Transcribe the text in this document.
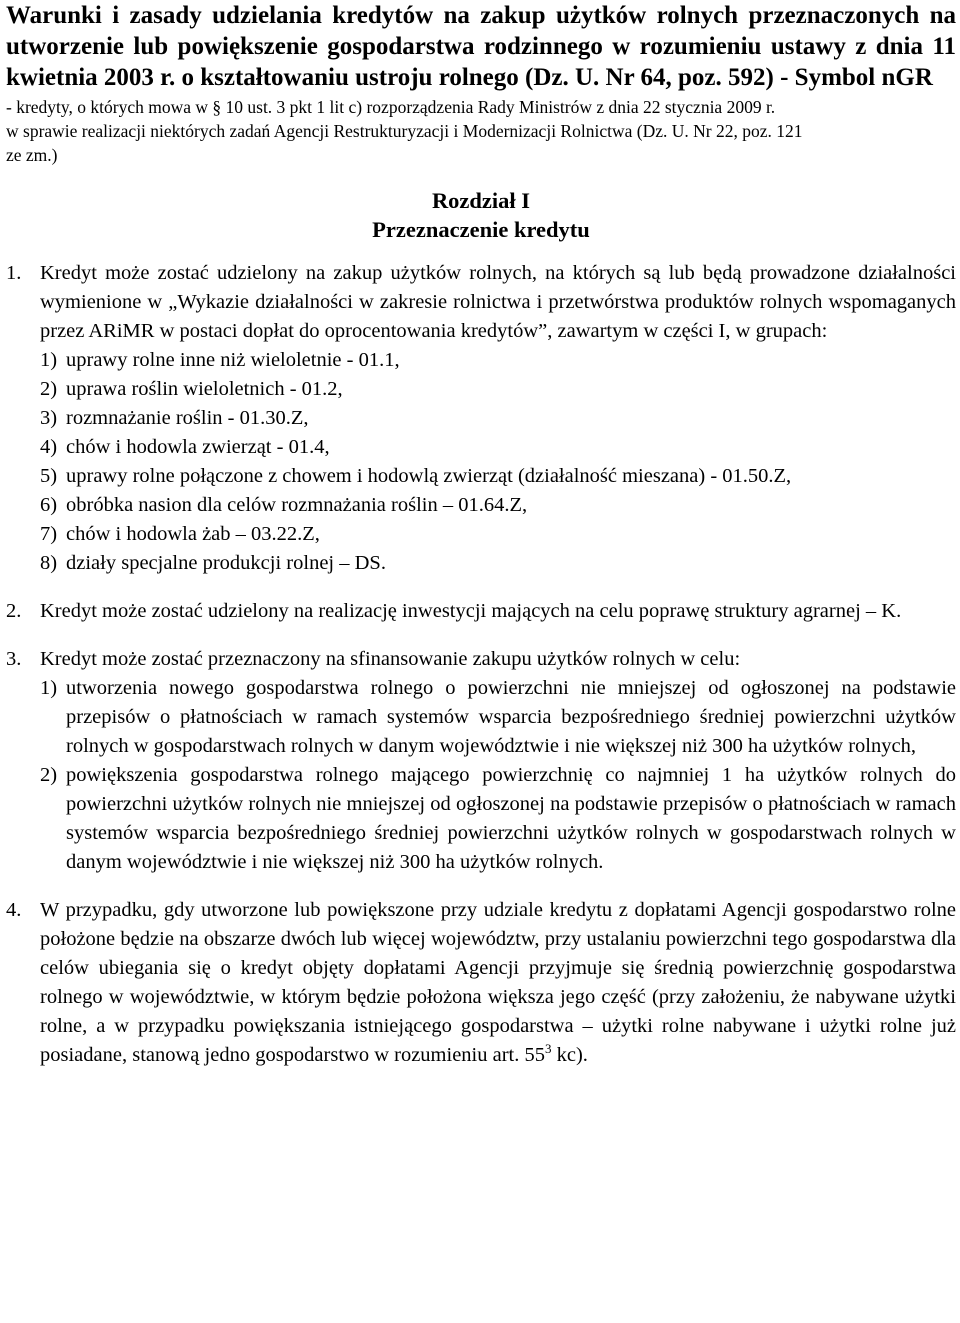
Warunki i zasady udzielania kredytów na zakup użytków rolnych przeznaczonych na utworzenie lub powiększenie gospodarstwa rodzinnego w rozumieniu ustawy z dnia 11 kwietnia 2003 r. o kształtowaniu ustroju rolnego (Dz. U. Nr 64, poz. 592) - Symbol nGR
- kredyty, o których mowa w § 10 ust. 3 pkt 1 lit c) rozporządzenia Rady Ministrów z dnia 22 stycznia 2009 r.
w sprawie realizacji niektórych zadań Agencji Restrukturyzacji i Modernizacji Rolnictwa (Dz. U. Nr 22, poz. 121
ze zm.)
Rozdział I
Przeznaczenie kredytu
1. Kredyt może zostać udzielony na zakup użytków rolnych, na których są lub będą prowadzone działalności wymienione w „Wykazie działalności w zakresie rolnictwa i przetwórstwa produktów rolnych wspomaganych przez ARiMR w postaci dopłat do oprocentowania kredytów”, zawartym w części I, w grupach:
1) uprawy rolne inne niż wieloletnie - 01.1,
2) uprawa roślin wieloletnich - 01.2,
3) rozmnażanie roślin - 01.30.Z,
4) chów i hodowla zwierząt - 01.4,
5) uprawy rolne połączone z chowem i hodowlą zwierząt (działalność mieszana) - 01.50.Z,
6) obróbka nasion dla celów rozmnażania roślin – 01.64.Z,
7) chów i hodowla żab – 03.22.Z,
8) działy specjalne produkcji rolnej – DS.
2. Kredyt może zostać udzielony na realizację inwestycji mających na celu poprawę struktury agrarnej – K.
3. Kredyt może zostać przeznaczony na sfinansowanie zakupu użytków rolnych w celu:
1) utworzenia nowego gospodarstwa rolnego o powierzchni nie mniejszej od ogłoszonej na podstawie przepisów o płatnościach w ramach systemów wsparcia bezpośredniego średniej powierzchni użytków rolnych w gospodarstwach rolnych w danym województwie i nie większej niż 300 ha użytków rolnych,
2) powiększenia gospodarstwa rolnego mającego powierzchnię co najmniej 1 ha użytków rolnych do powierzchni użytków rolnych nie mniejszej od ogłoszonej na podstawie przepisów o płatnościach w ramach systemów wsparcia bezpośredniego średniej powierzchni użytków rolnych w gospodarstwach rolnych w danym województwie i nie większej niż 300 ha użytków rolnych.
4. W przypadku, gdy utworzone lub powiększone przy udziale kredytu z dopłatami Agencji gospodarstwo rolne położone będzie na obszarze dwóch lub więcej województw, przy ustalaniu powierzchni tego gospodarstwa dla celów ubiegania się o kredyt objęty dopłatami Agencji przyjmuje się średnią powierzchnię gospodarstwa rolnego w województwie, w którym będzie położona większa jego część (przy założeniu, że nabywane użytki rolne, a w przypadku powiększania istniejącego gospodarstwa – użytki rolne nabywane i użytki rolne już posiadane, stanową jedno gospodarstwo w rozumieniu art. $55^3$ kc).
